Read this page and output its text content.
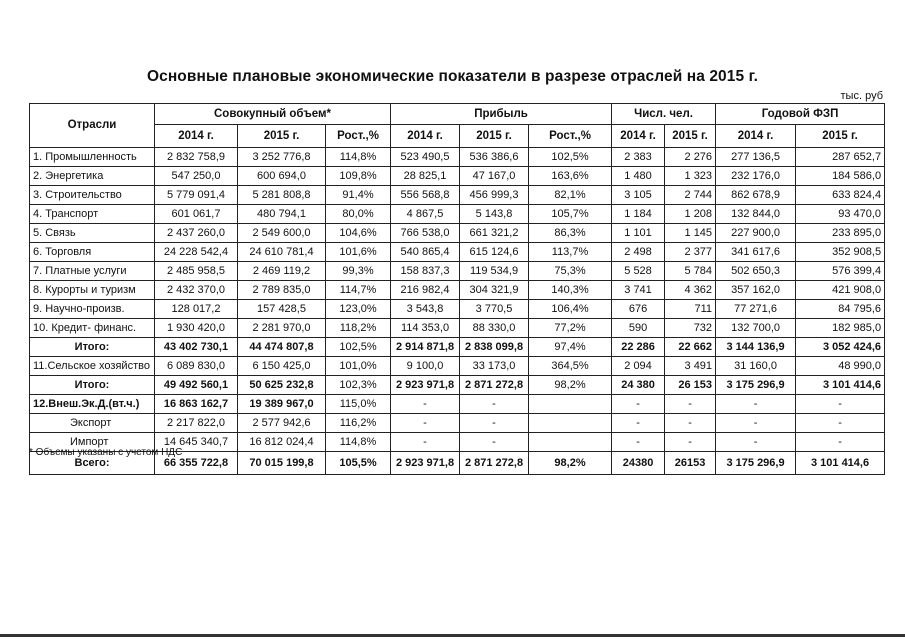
Основные плановые экономические показатели в разрезе отраслей на 2015 г.
тыс. руб
Отрасли	Совокупный объем*			Прибыль			Числ. чел.		Годовой ФЗП	
	2014 г.	2015 г.	Рост.,%	2014 г.	2015 г.	Рост.,%	2014 г.	2015 г.	2014 г.	2015 г.
1. Промышленность	2 832 758,9	3 252 776,8	114,8%	523 490,5	536 386,6	102,5%	2 383	2 276	277 136,5	287 652,7
2. Энергетика	547 250,0	600 694,0	109,8%	28 825,1	47 167,0	163,6%	1 480	1 323	232 176,0	184 586,0
3. Строительство	5 779 091,4	5 281 808,8	91,4%	556 568,8	456 999,3	82,1%	3 105	2 744	862 678,9	633 824,4
4. Транспорт	601 061,7	480 794,1	80,0%	4 867,5	5 143,8	105,7%	1 184	1 208	132 844,0	93 470,0
5. Связь	2 437 260,0	2 549 600,0	104,6%	766 538,0	661 321,2	86,3%	1 101	1 145	227 900,0	233 895,0
6. Торговля	24 228 542,4	24 610 781,4	101,6%	540 865,4	615 124,6	113,7%	2 498	2 377	341 617,6	352 908,5
7. Платные услуги	2 485 958,5	2 469 119,2	99,3%	158 837,3	119 534,9	75,3%	5 528	5 784	502 650,3	576 399,4
8. Курорты и туризм	2 432 370,0	2 789 835,0	114,7%	216 982,4	304 321,9	140,3%	3 741	4 362	357 162,0	421 908,0
9. Научно-произв.	128 017,2	157 428,5	123,0%	3 543,8	3 770,5	106,4%	676	711	77 271,6	84 795,6
10. Кредит- финанс.	1 930 420,0	2 281 970,0	118,2%	114 353,0	88 330,0	77,2%	590	732	132 700,0	182 985,0
Итого:	43 402 730,1	44 474 807,8	102,5%	2 914 871,8	2 838 099,8	97,4%	22 286	22 662	3 144 136,9	3 052 424,6
11.Сельское хозяйство	6 089 830,0	6 150 425,0	101,0%	9 100,0	33 173,0	364,5%	2 094	3 491	31 160,0	48 990,0
Итого:	49 492 560,1	50 625 232,8	102,3%	2 923 971,8	2 871 272,8	98,2%	24 380	26 153	3 175 296,9	3 101 414,6
12.Внеш.Эк.Д.(вт.ч.)	16 863 162,7	19 389 967,0	115,0%	-	-		-	-	-	-
Экспорт	2 217 822,0	2 577 942,6	116,2%	-	-		-	-	-	-
Импорт	14 645 340,7	16 812 024,4	114,8%	-	-		-	-	-	-
Всего:	66 355 722,8	70 015 199,8	105,5%	2 923 971,8	2 871 272,8	98,2%	24380	26153	3 175 296,9	3 101 414,6
* Объемы указаны с учетом НДС
